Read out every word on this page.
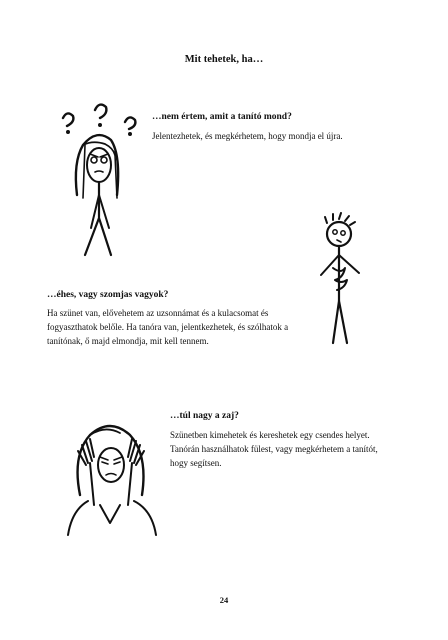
Mit tehetek, ha…
…nem értem, amit a tanító mond?
Jelentezhetek, és megkérhetem, hogy mondja el újra.
…éhes, vagy szomjas vagyok?
Ha szünet van, elővehetem az uzsonnámat és a kulacsomat és fogyaszthatok belőle. Ha tanóra van, jelentkezhetek, és szólhatok a tanítónak, ő majd elmondja, mit kell tennem.
…túl nagy a zaj?
Szünetben kimehetek és kereshetek egy csendes helyet. Tanórán használhatok fülest, vagy megkérhetem a tanítót, hogy segítsen.
24
